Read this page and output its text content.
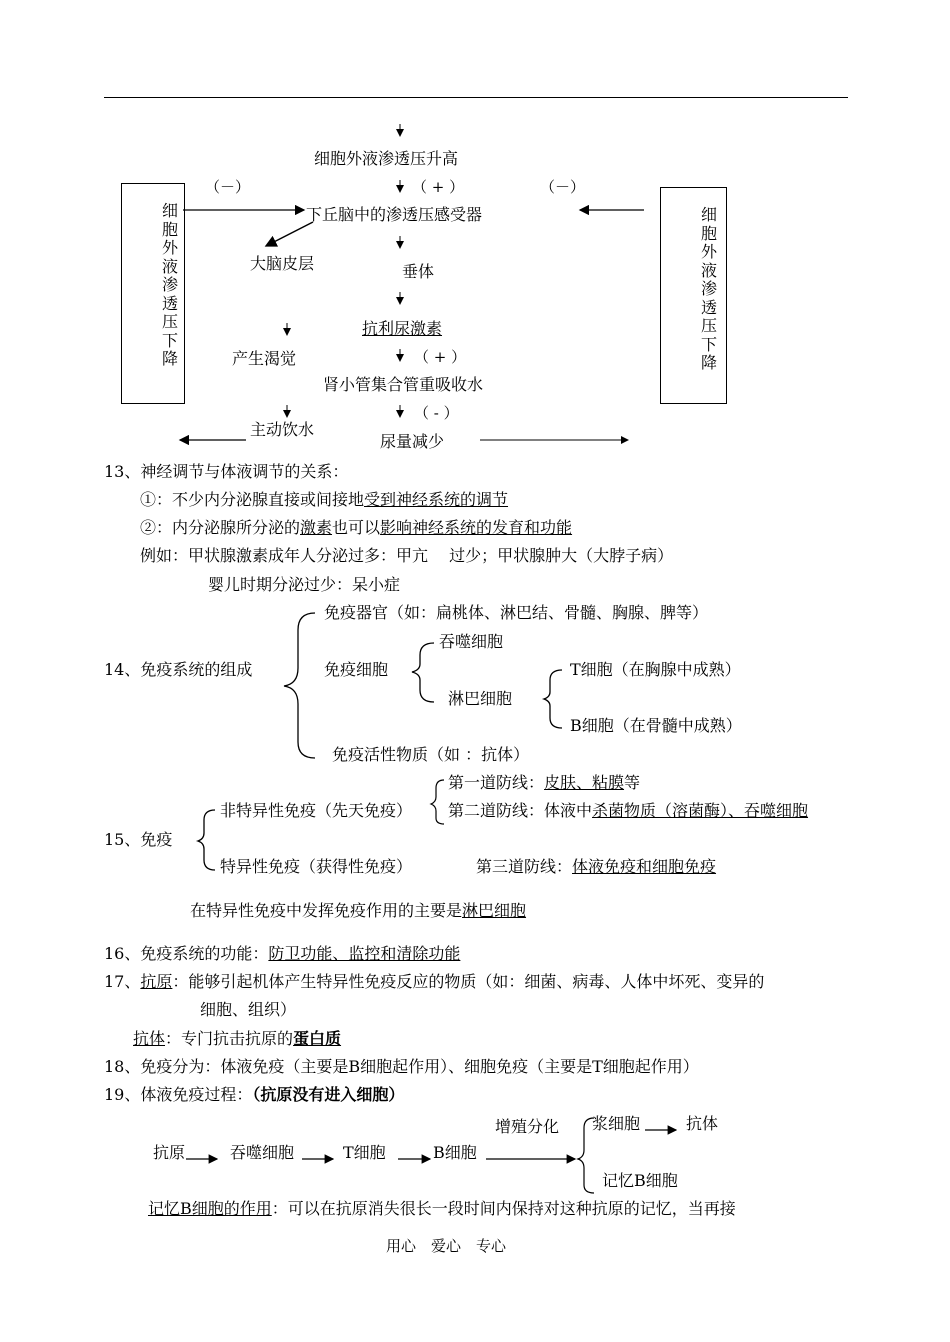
细胞外液渗透压下降
细胞外液渗透压下降
细胞外液渗透压升高
（－）	（ + ）	（－）
下丘脑中的渗透压感受器
大脑皮层	垂体
抗利尿激素
产生渴觉	（ + ）
肾小管集合管重吸收水
主动饮水
（ - ）
尿量减少
13、神经调节与体液调节的关系：
①：不少内分泌腺直接或间接地受到神经系统的调节
②：内分泌腺所分泌的激素也可以影响神经系统的发育和功能
例如：甲状腺激素成年人分泌过多：甲亢　 过少；甲状腺肿大（大脖子病）
婴儿时期分泌过少：呆小症
免疫器官（如：扁桃体、淋巴结、骨髓、胸腺、脾等）
吞噬细胞
14、免疫系统的组成	免疫细胞	T细胞（在胸腺中成熟）
淋巴细胞
B细胞（在骨髓中成熟）
免疫活性物质（如 ：抗体）
第一道防线：皮肤、粘膜等
非特异性免疫（先天免疫） 第二道防线：体液中杀菌物质（溶菌酶）、吞噬细胞
15、免疫
特异性免疫（获得性免疫）	第三道防线：体液免疫和细胞免疫
在特异性免疫中发挥免疫作用的主要是淋巴细胞
16、免疫系统的功能：防卫功能、监控和清除功能
17、抗原：能够引起机体产生特异性免疫反应的物质（如：细菌、病毒、人体中坏死、变异的
细胞、组织）
抗体：专门抗击抗原的蛋白质
18、免疫分为：体液免疫（主要是B细胞起作用）、细胞免疫（主要是T细胞起作用）
19、体液免疫过程：（抗原没有进入细胞）
增殖分化 浆细胞	抗体
抗原	吞噬细胞	T细胞	B细胞
记忆B细胞
记忆B细胞的作用：可以在抗原消失很长一段时间内保持对这种抗原的记忆，当再接
用心　爱心　专心
